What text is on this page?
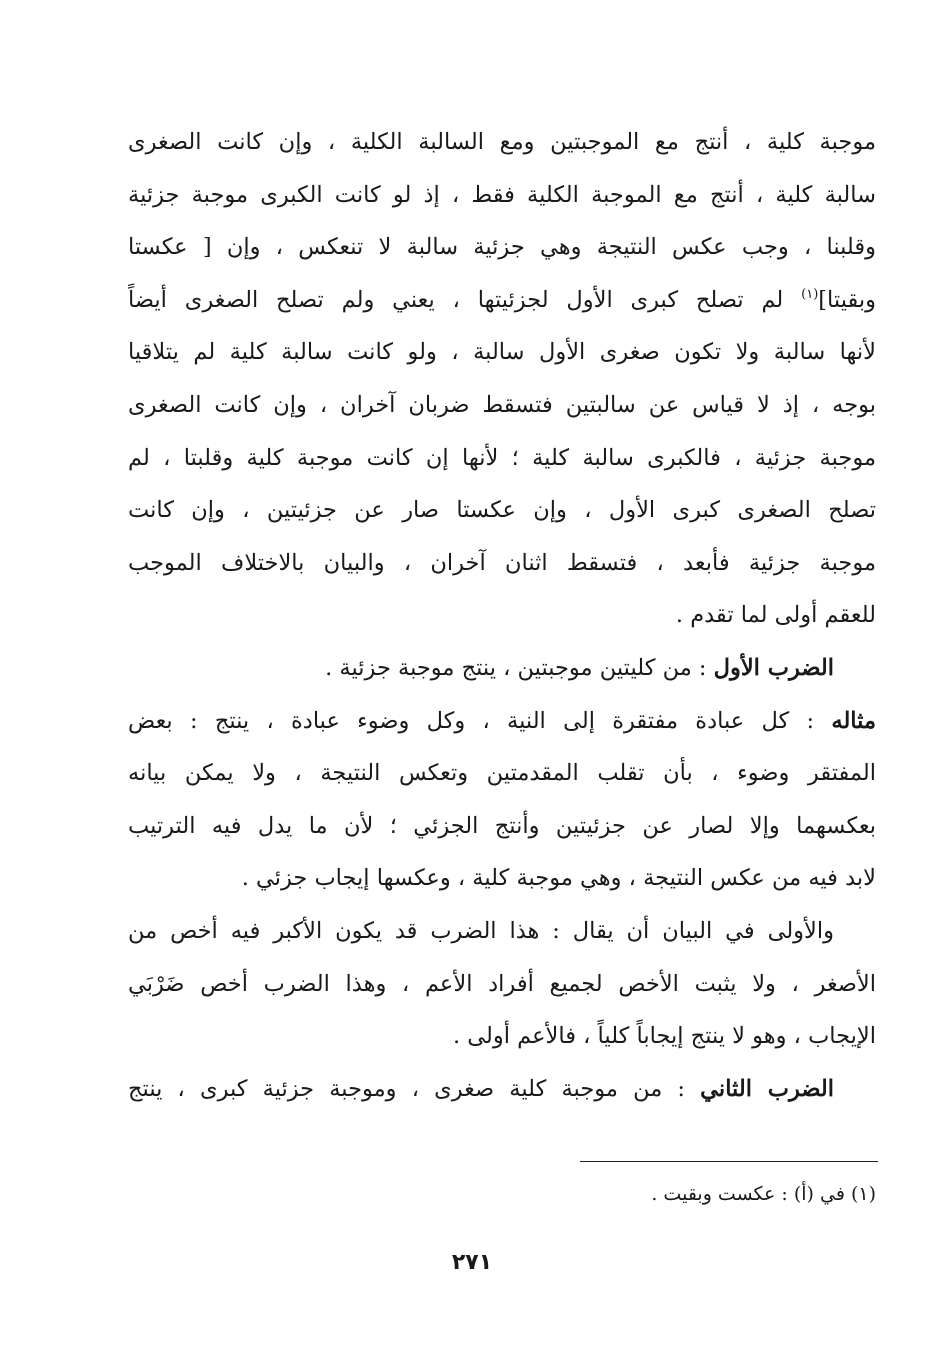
موجبة كلية ، أنتج مع الموجبتين ومع السالبة الكلية ، وإن كانت الصغرى
سالبة كلية ، أنتج مع الموجبة الكلية فقط ، إذ لو كانت الكبرى موجبة جزئية
وقلبنا ، وجب عكس النتيجة وهي جزئية سالبة لا تنعكس ، وإن [ عكستا
وبقيتا]$^{(١)}$ لم تصلح كبرى الأول لجزئيتها ، يعني ولم تصلح الصغرى أيضاً
لأنها سالبة ولا تكون صغرى الأول سالبة ، ولو كانت سالبة كلية لم يتلاقيا
بوجه ، إذ لا قياس عن سالبتين فتسقط ضربان آخران ، وإن كانت الصغرى
موجبة جزئية ، فالكبرى سالبة كلية ؛ لأنها إن كانت موجبة كلية وقلبتا ، لم
تصلح الصغرى كبرى الأول ، وإن عكستا صار عن جزئيتين ، وإن كانت
موجبة جزئية فأبعد ، فتسقط اثنان آخران ، والبيان بالاختلاف الموجب
للعقم أولى لما تقدم .
الضرب الأول : من كليتين موجبتين ، ينتج موجبة جزئية .
مثاله : كل عبادة مفتقرة إلى النية ، وكل وضوء عبادة ، ينتج : بعض
المفتقر وضوء ، بأن تقلب المقدمتين وتعكس النتيجة ، ولا يمكن بيانه
بعكسهما وإلا لصار عن جزئيتين وأنتج الجزئي ؛ لأن ما يدل فيه الترتيب
لابد فيه من عكس النتيجة ، وهي موجبة كلية ، وعكسها إيجاب جزئي .
والأولى في البيان أن يقال : هذا الضرب قد يكون الأكبر فيه أخص من
الأصغر ، ولا يثبت الأخص لجميع أفراد الأعم ، وهذا الضرب أخص ضَرْبَي
الإيجاب ، وهو لا ينتج إيجاباً كلياً ، فالأعم أولى .
الضرب الثاني : من موجبة كلية صغرى ، وموجبة جزئية كبرى ، ينتج
(١) في (أ) : عكست وبقيت .
٢٧١
